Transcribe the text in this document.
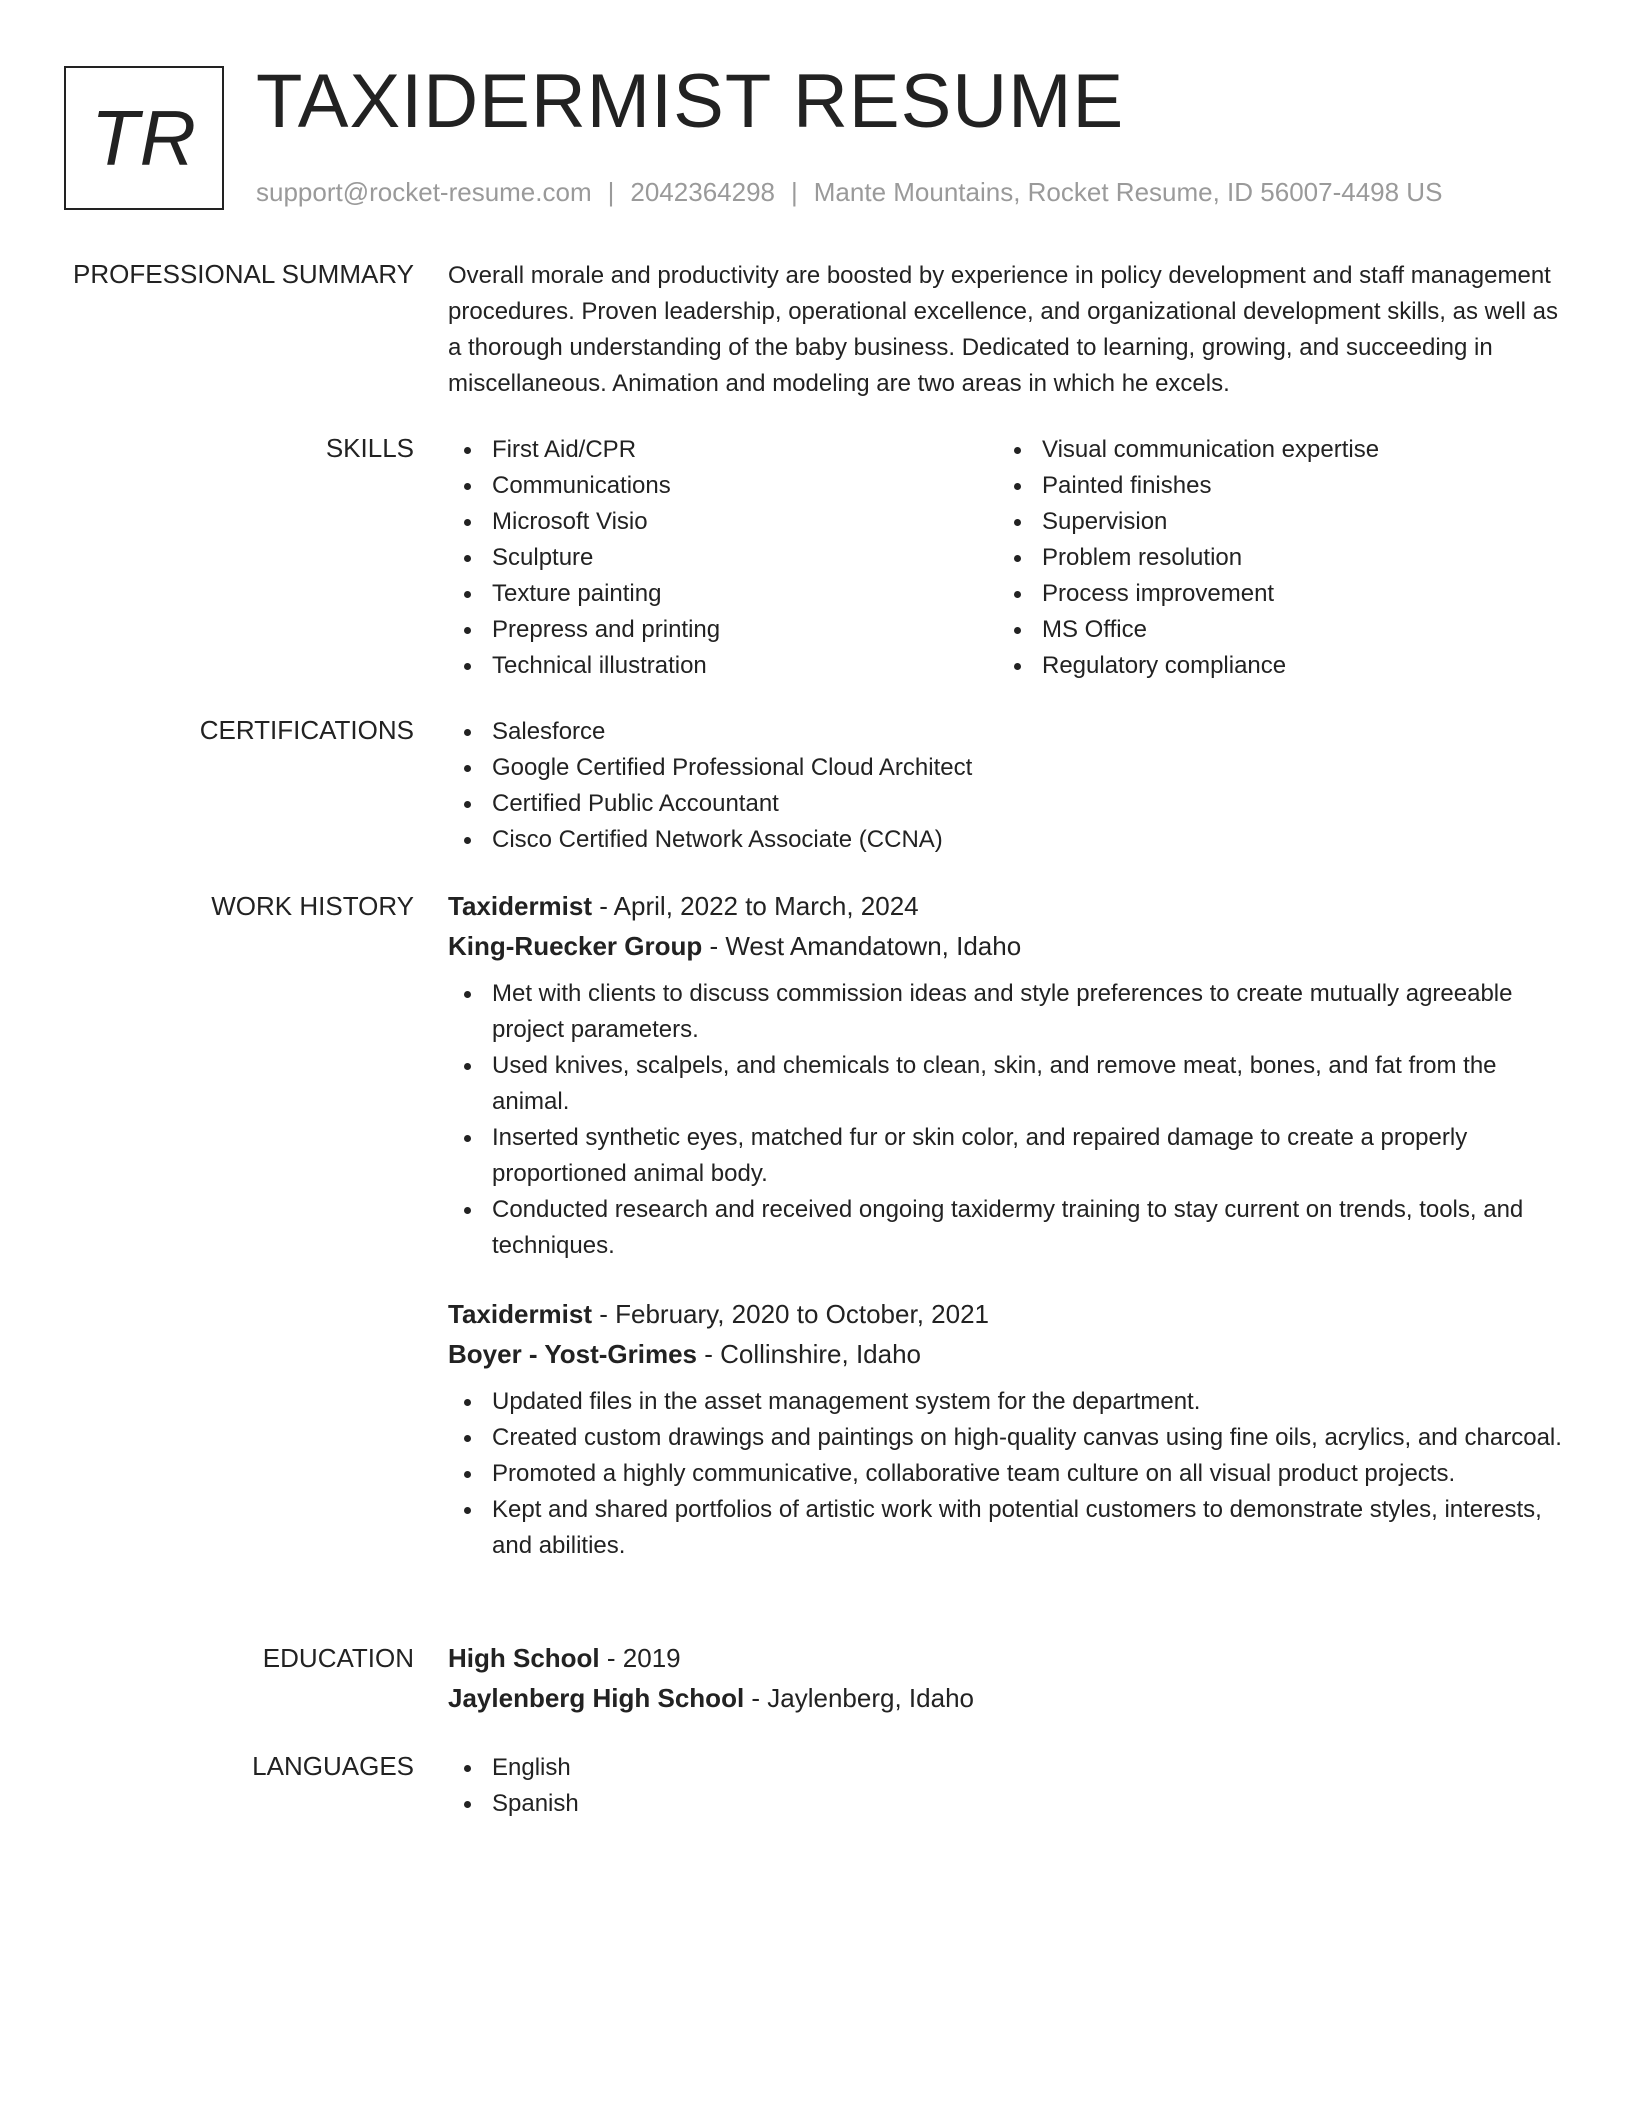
TR TAXIDERMIST RESUME
support@rocket-resume.com | 2042364298 | Mante Mountains, Rocket Resume, ID 56007-4498 US
PROFESSIONAL SUMMARY Overall morale and productivity are boosted by experience in policy development and staff management procedures. Proven leadership, operational excellence, and organizational development skills, as well as a thorough understanding of the baby business. Dedicated to learning, growing, and succeeding in miscellaneous. Animation and modeling are two areas in which he excels.
SKILLS	First Aid/CPR
Communications
Microsoft Visio
Sculpture
Texture painting
Prepress and printing
Technical illustration
Visual communication expertise
Painted finishes
Supervision
Problem resolution
Process improvement
MS Office
Regulatory compliance
CERTIFICATIONS	Salesforce
Google Certified Professional Cloud Architect
Certified Public Accountant
Cisco Certified Network Associate (CCNA)
WORK HISTORY Taxidermist - April, 2022 to March, 2024
King-Ruecker Group - West Amandatown, Idaho
Met with clients to discuss commission ideas and style preferences to create mutually agreeable project parameters.
Used knives, scalpels, and chemicals to clean, skin, and remove meat, bones, and fat from the animal.
Inserted synthetic eyes, matched fur or skin color, and repaired damage to create a properly proportioned animal body.
Conducted research and received ongoing taxidermy training to stay current on trends, tools, and techniques.
Taxidermist - February, 2020 to October, 2021
Boyer - Yost-Grimes - Collinshire, Idaho
Updated files in the asset management system for the department.
Created custom drawings and paintings on high-quality canvas using fine oils, acrylics, and charcoal.
Promoted a highly communicative, collaborative team culture on all visual product projects.
Kept and shared portfolios of artistic work with potential customers to demonstrate styles, interests, and abilities.
EDUCATION High School - 2019
Jaylenberg High School - Jaylenberg, Idaho
LANGUAGES	English
Spanish
